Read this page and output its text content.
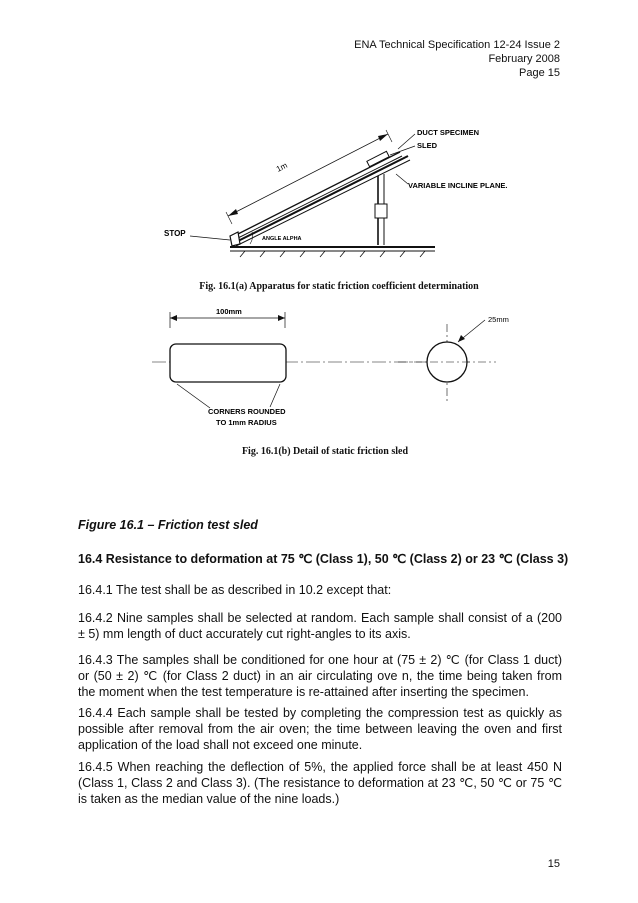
ENA Technical Specification 12-24 Issue 2
February 2008
Page 15
1m
DUCT SPECIMEN
SLED
VARIABLE INCLINE PLANE.
STOP
ANGLE ALPHA
Fig. 16.1(a) Apparatus for static friction coefficient determination
100mm
CORNERS ROUNDED
TO 1mm RADIUS
25mm
Fig. 16.1(b) Detail of static friction sled
Figure 16.1 – Friction test sled
16.4 Resistance to deformation at 75 ℃ (Class 1), 50 ℃ (Class 2) or 23 ℃ (Class 3)
16.4.1 The test shall be as described in 10.2 except that:
16.4.2 Nine samples shall be selected at random. Each sample shall consist of a (200 ± 5) mm length of duct accurately cut right-angles to its axis.
16.4.3 The samples shall be conditioned for one hour at (75 ± 2) ℃ (for Class 1 duct) or (50 ± 2) ℃ (for Class 2 duct) in an air circulating ove n, the time being taken from the moment when the test temperature is re-attained after inserting the specimen.
16.4.4 Each sample shall be tested by completing the compression test as quickly as possible after removal from the air oven; the time between leaving the oven and first application of the load shall not exceed one minute.
16.4.5 When reaching the deflection of 5%, the applied force shall be at least 450 N (Class 1, Class 2 and Class 3). (The resistance to deformation at 23 ℃, 50 ℃ or 75 ℃ is taken as the median value of the nine loads.)
15
